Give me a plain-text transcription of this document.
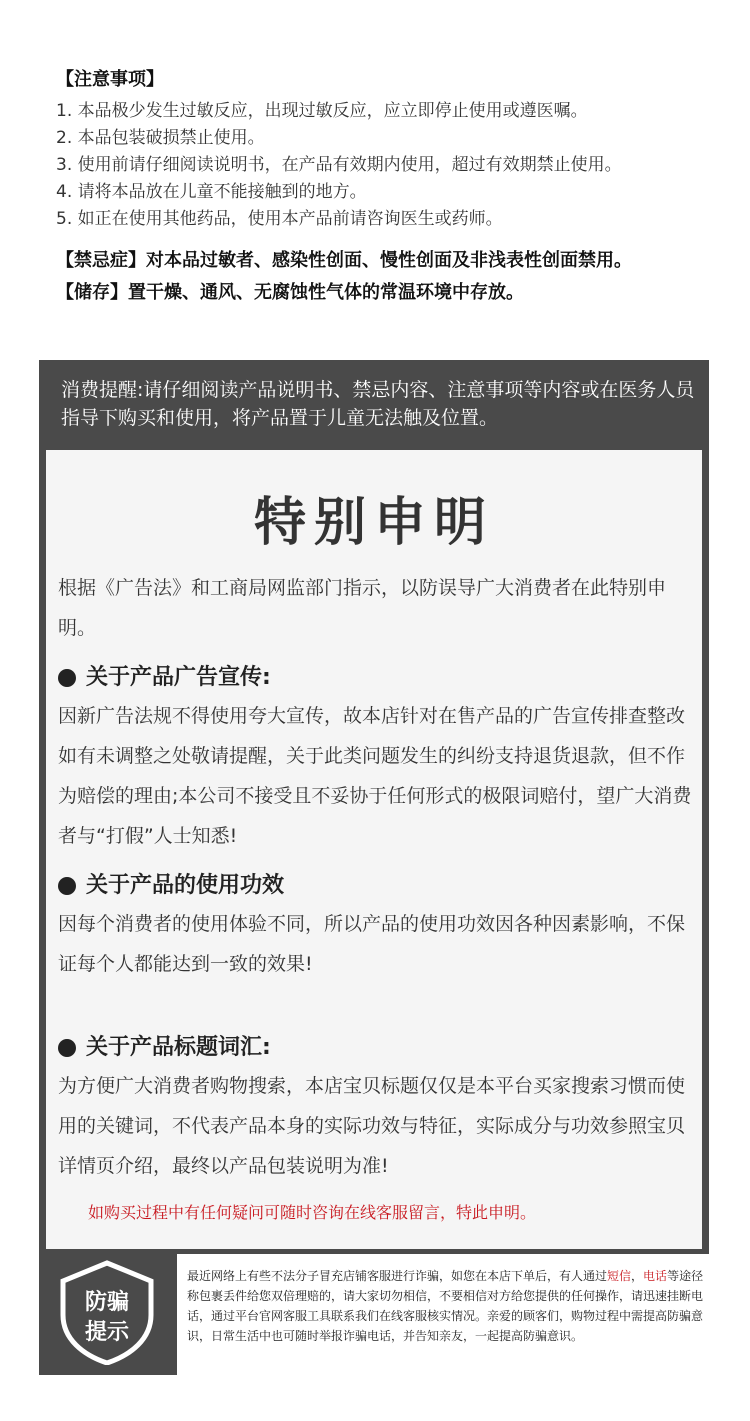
【注意事项】
1. 本品极少发生过敏反应，出现过敏反应，应立即停止使用或遵医嘱。
2. 本品包装破损禁止使用。
3. 使用前请仔细阅读说明书，在产品有效期内使用，超过有效期禁止使用。
4. 请将本品放在儿童不能接触到的地方。
5. 如正在使用其他药品，使用本产品前请咨询医生或药师。
【禁忌症】对本品过敏者、感染性创面、慢性创面及非浅表性创面禁用。
【储存】置干燥、通风、无腐蚀性气体的常温环境中存放。
消费提醒:请仔细阅读产品说明书、禁忌内容、注意事项等内容或在医务人员指导下购买和使用，将产品置于儿童无法触及位置。
特别申明

根据《广告法》和工商局网监部门指示，以防误导广大消费者在此特别申明。

关于产品广告宣传:

因新广告法规不得使用夸大宣传，故本店针对在售产品的广告宣传排查整改如有未调整之处敬请提醒，关于此类问题发生的纠纷支持退货退款，但不作为赔偿的理由;本公司不接受且不妥协于任何形式的极限词赔付，望广大消费者与“打假”人士知悉!

关于产品的使用功效

因每个消费者的使用体验不同，所以产品的使用功效因各种因素影响，不保证每个人都能达到一致的效果!

关于产品标题词汇:

为方便广大消费者购物搜索，本店宝贝标题仅仅是本平台买家搜索习惯而使用的关键词，不代表产品本身的实际功效与特征，实际成分与功效参照宝贝详情页介绍，最终以产品包装说明为准!

如购买过程中有任何疑问可随时咨询在线客服留言，特此申明。
防骗
提示
最近网络上有些不法分子冒充店铺客服进行诈骗，如您在本店下单后，有人通过短信，电话等途径称包裹丢件给您双倍理赔的，请大家切勿相信，不要相信对方给您提供的任何操作，请迅速挂断电话，通过平台官网客服工具联系我们在线客服核实情况。亲爱的顾客们，购物过程中需提高防骗意识，日常生活中也可随时举报诈骗电话，并告知亲友，一起提高防骗意识。
